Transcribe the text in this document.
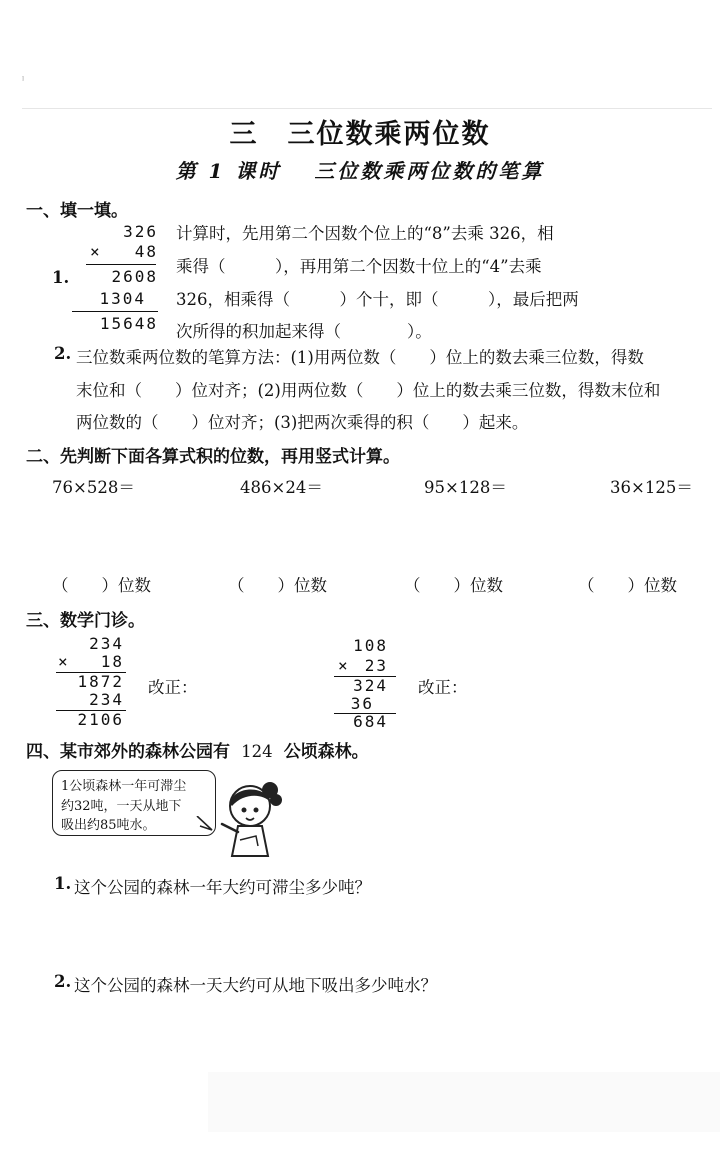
ˡ
三　三位数乘两位数
第 1 课时　 三位数乘两位数的笔算
一、填一填。
1.
326
×	48
2608
1304
15648
计算时，先用第二个因数个位上的“8”去乘 326，相
乘得（　　　），再用第二个因数十位上的“4”去乘
326，相乘得（　　　）个十，即（　　　），最后把两
次所得的积加起来得（　　　　）。
2. 三位数乘两位数的笔算方法：(1)用两位数（　　）位上的数去乘三位数，得数
末位和（　　）位对齐；(2)用两位数（　　）位上的数去乘三位数，得数末位和
两位数的（　　）位对齐；(3)把两次乘得的积（　　）起来。
二、先判断下面各算式积的位数，再用竖式计算。
76×528＝	486×24＝	95×128＝	36×125＝
（　　）位数	（　　）位数	（　　）位数	（　　）位数
三、数学门诊。
234
×	18
1872
234
2106
改正：
108
× 23
324
36
684
改正：
四、某市郊外的森林公园有 124 公顷森林。
1公顷森林一年可滞尘
约32吨，一天从地下
吸出约85吨水。
1. 这个公园的森林一年大约可滞尘多少吨？
2. 这个公园的森林一天大约可从地下吸出多少吨水？
